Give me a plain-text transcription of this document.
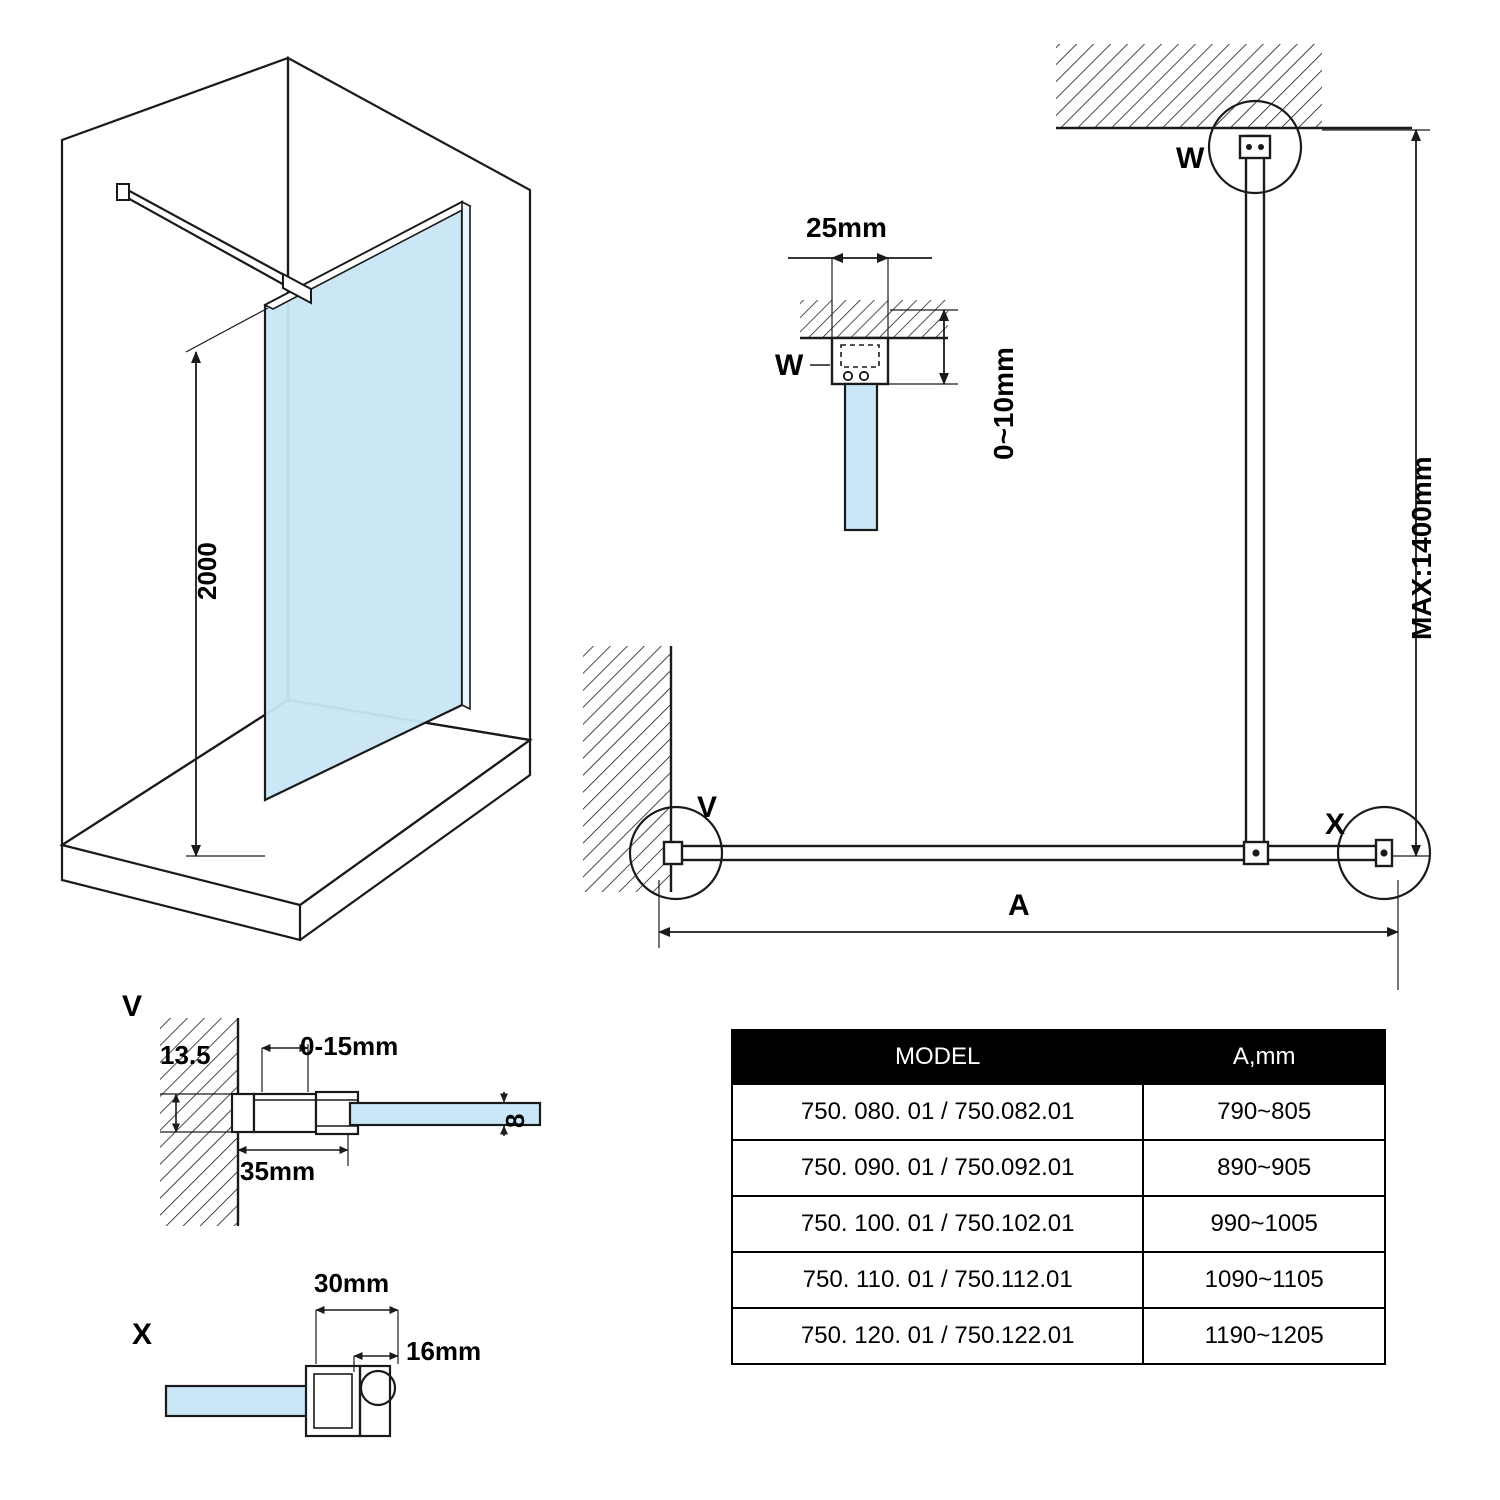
2000
25mm
0~10mm
W
W
V
X
A
MAX:1400mm
V
13.5	0-15mm
35mm
8
X
30mm
16mm
MODEL	A,mm
750. 080. 01 / 750.082.01	790~805
750. 090. 01 / 750.092.01	890~905
750. 100. 01 / 750.102.01	990~1005
750. 110. 01 / 750.112.01	1090~1105
750. 120. 01 / 750.122.01	1190~1205
